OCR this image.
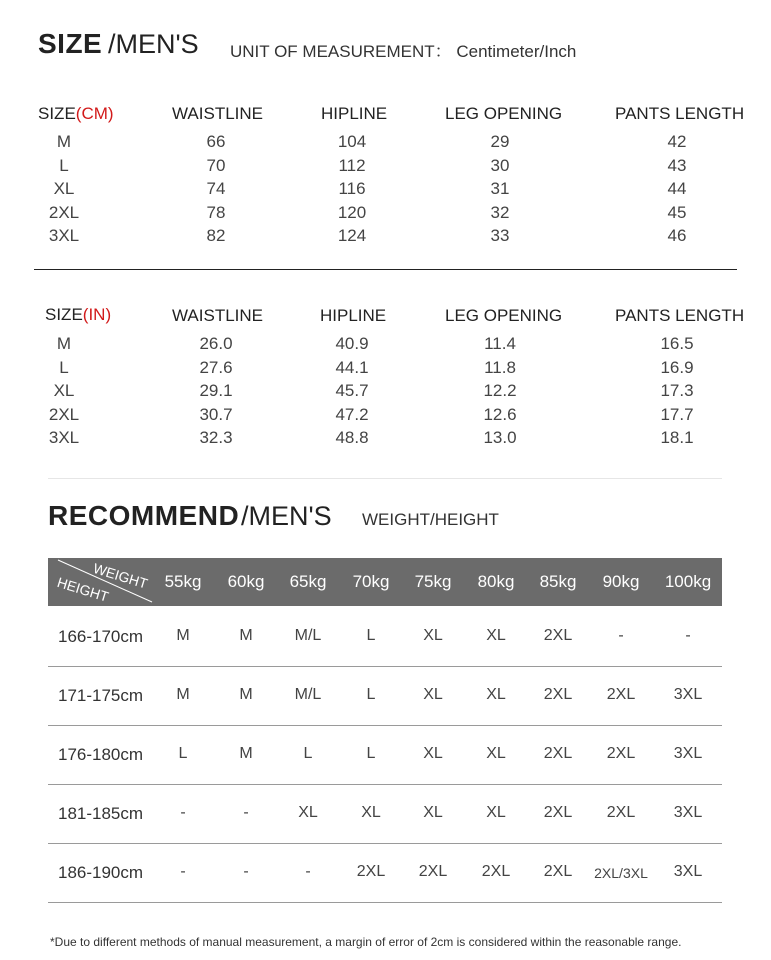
SIZE /MEN'S UNIT OF MEASUREMENT： Centimeter/Inch
SIZE(CM)	WAISTLINE	HIPLINE	LEG OPENING	PANTS LENGTH
M	66	104	29	42
L	70	112	30	43
XL	74	116	31	44
2XL	78	120	32	45
3XL	82	124	33	46
SIZE(IN)	WAISTLINE	HIPLINE	LEG OPENING	PANTS LENGTH
M	26.0	40.9	11.4	16.5
L	27.6	44.1	11.8	16.9
XL	29.1	45.7	12.2	17.3
2XL	30.7	47.2	12.6	17.7
3XL	32.3	48.8	13.0	18.1
RECOMMEND /MEN'S WEIGHT/HEIGHT
WEIGHT
HEIGHT	55kg	60kg	65kg	70kg	75kg	80kg	85kg	90kg	100kg
166-170cm	M	M	M/L	L	XL	XL	2XL	-	-
171-175cm	M	M	M/L	L	XL	XL	2XL	2XL	3XL
176-180cm	L	M	L	L	XL	XL	2XL	2XL	3XL
181-185cm	-	-	XL	XL	XL	XL	2XL	2XL	3XL
186-190cm	-	-	-	2XL	2XL	2XL	2XL	2XL/3XL	3XL
*Due to different methods of manual measurement, a margin of error of 2cm is considered within the reasonable range.
